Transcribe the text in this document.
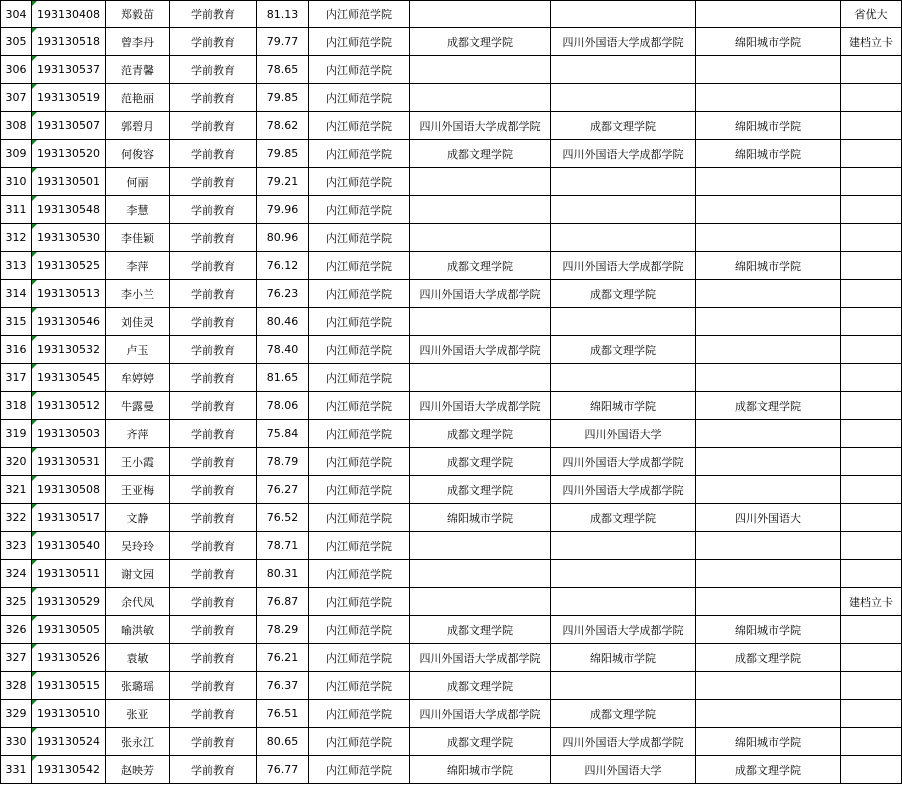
304	193130408	郑毅苗	学前教育	81.13	内江师范学院				省优大
305	193130518	曾李丹	学前教育	79.77	内江师范学院	成都文理学院	四川外国语大学成都学院	绵阳城市学院	建档立卡
306	193130537	范青馨	学前教育	78.65	内江师范学院				
307	193130519	范艳丽	学前教育	79.85	内江师范学院				
308	193130507	郭碧月	学前教育	78.62	内江师范学院	四川外国语大学成都学院	成都文理学院	绵阳城市学院	
309	193130520	何俊容	学前教育	79.85	内江师范学院	成都文理学院	四川外国语大学成都学院	绵阳城市学院	
310	193130501	何丽	学前教育	79.21	内江师范学院				
311	193130548	李慧	学前教育	79.96	内江师范学院				
312	193130530	李佳颖	学前教育	80.96	内江师范学院				
313	193130525	李萍	学前教育	76.12	内江师范学院	成都文理学院	四川外国语大学成都学院	绵阳城市学院	
314	193130513	李小兰	学前教育	76.23	内江师范学院	四川外国语大学成都学院	成都文理学院		
315	193130546	刘佳灵	学前教育	80.46	内江师范学院				
316	193130532	卢玉	学前教育	78.40	内江师范学院	四川外国语大学成都学院	成都文理学院		
317	193130545	牟婷婷	学前教育	81.65	内江师范学院				
318	193130512	牛露曼	学前教育	78.06	内江师范学院	四川外国语大学成都学院	绵阳城市学院	成都文理学院	
319	193130503	齐萍	学前教育	75.84	内江师范学院	成都文理学院	四川外国语大学		
320	193130531	王小霞	学前教育	78.79	内江师范学院	成都文理学院	四川外国语大学成都学院		
321	193130508	王亚梅	学前教育	76.27	内江师范学院	成都文理学院	四川外国语大学成都学院		
322	193130517	文静	学前教育	76.52	内江师范学院	绵阳城市学院	成都文理学院	四川外国语大	
323	193130540	吴玲玲	学前教育	78.71	内江师范学院				
324	193130511	谢文园	学前教育	80.31	内江师范学院				
325	193130529	余代凤	学前教育	76.87	内江师范学院				建档立卡
326	193130505	喻洪敏	学前教育	78.29	内江师范学院	成都文理学院	四川外国语大学成都学院	绵阳城市学院	
327	193130526	袁敏	学前教育	76.21	内江师范学院	四川外国语大学成都学院	绵阳城市学院	成都文理学院	
328	193130515	张璐瑶	学前教育	76.37	内江师范学院	成都文理学院			
329	193130510	张亚	学前教育	76.51	内江师范学院	四川外国语大学成都学院	成都文理学院		
330	193130524	张永江	学前教育	80.65	内江师范学院	成都文理学院	四川外国语大学成都学院	绵阳城市学院	
331	193130542	赵映芳	学前教育	76.77	内江师范学院	绵阳城市学院	四川外国语大学	成都文理学院	
